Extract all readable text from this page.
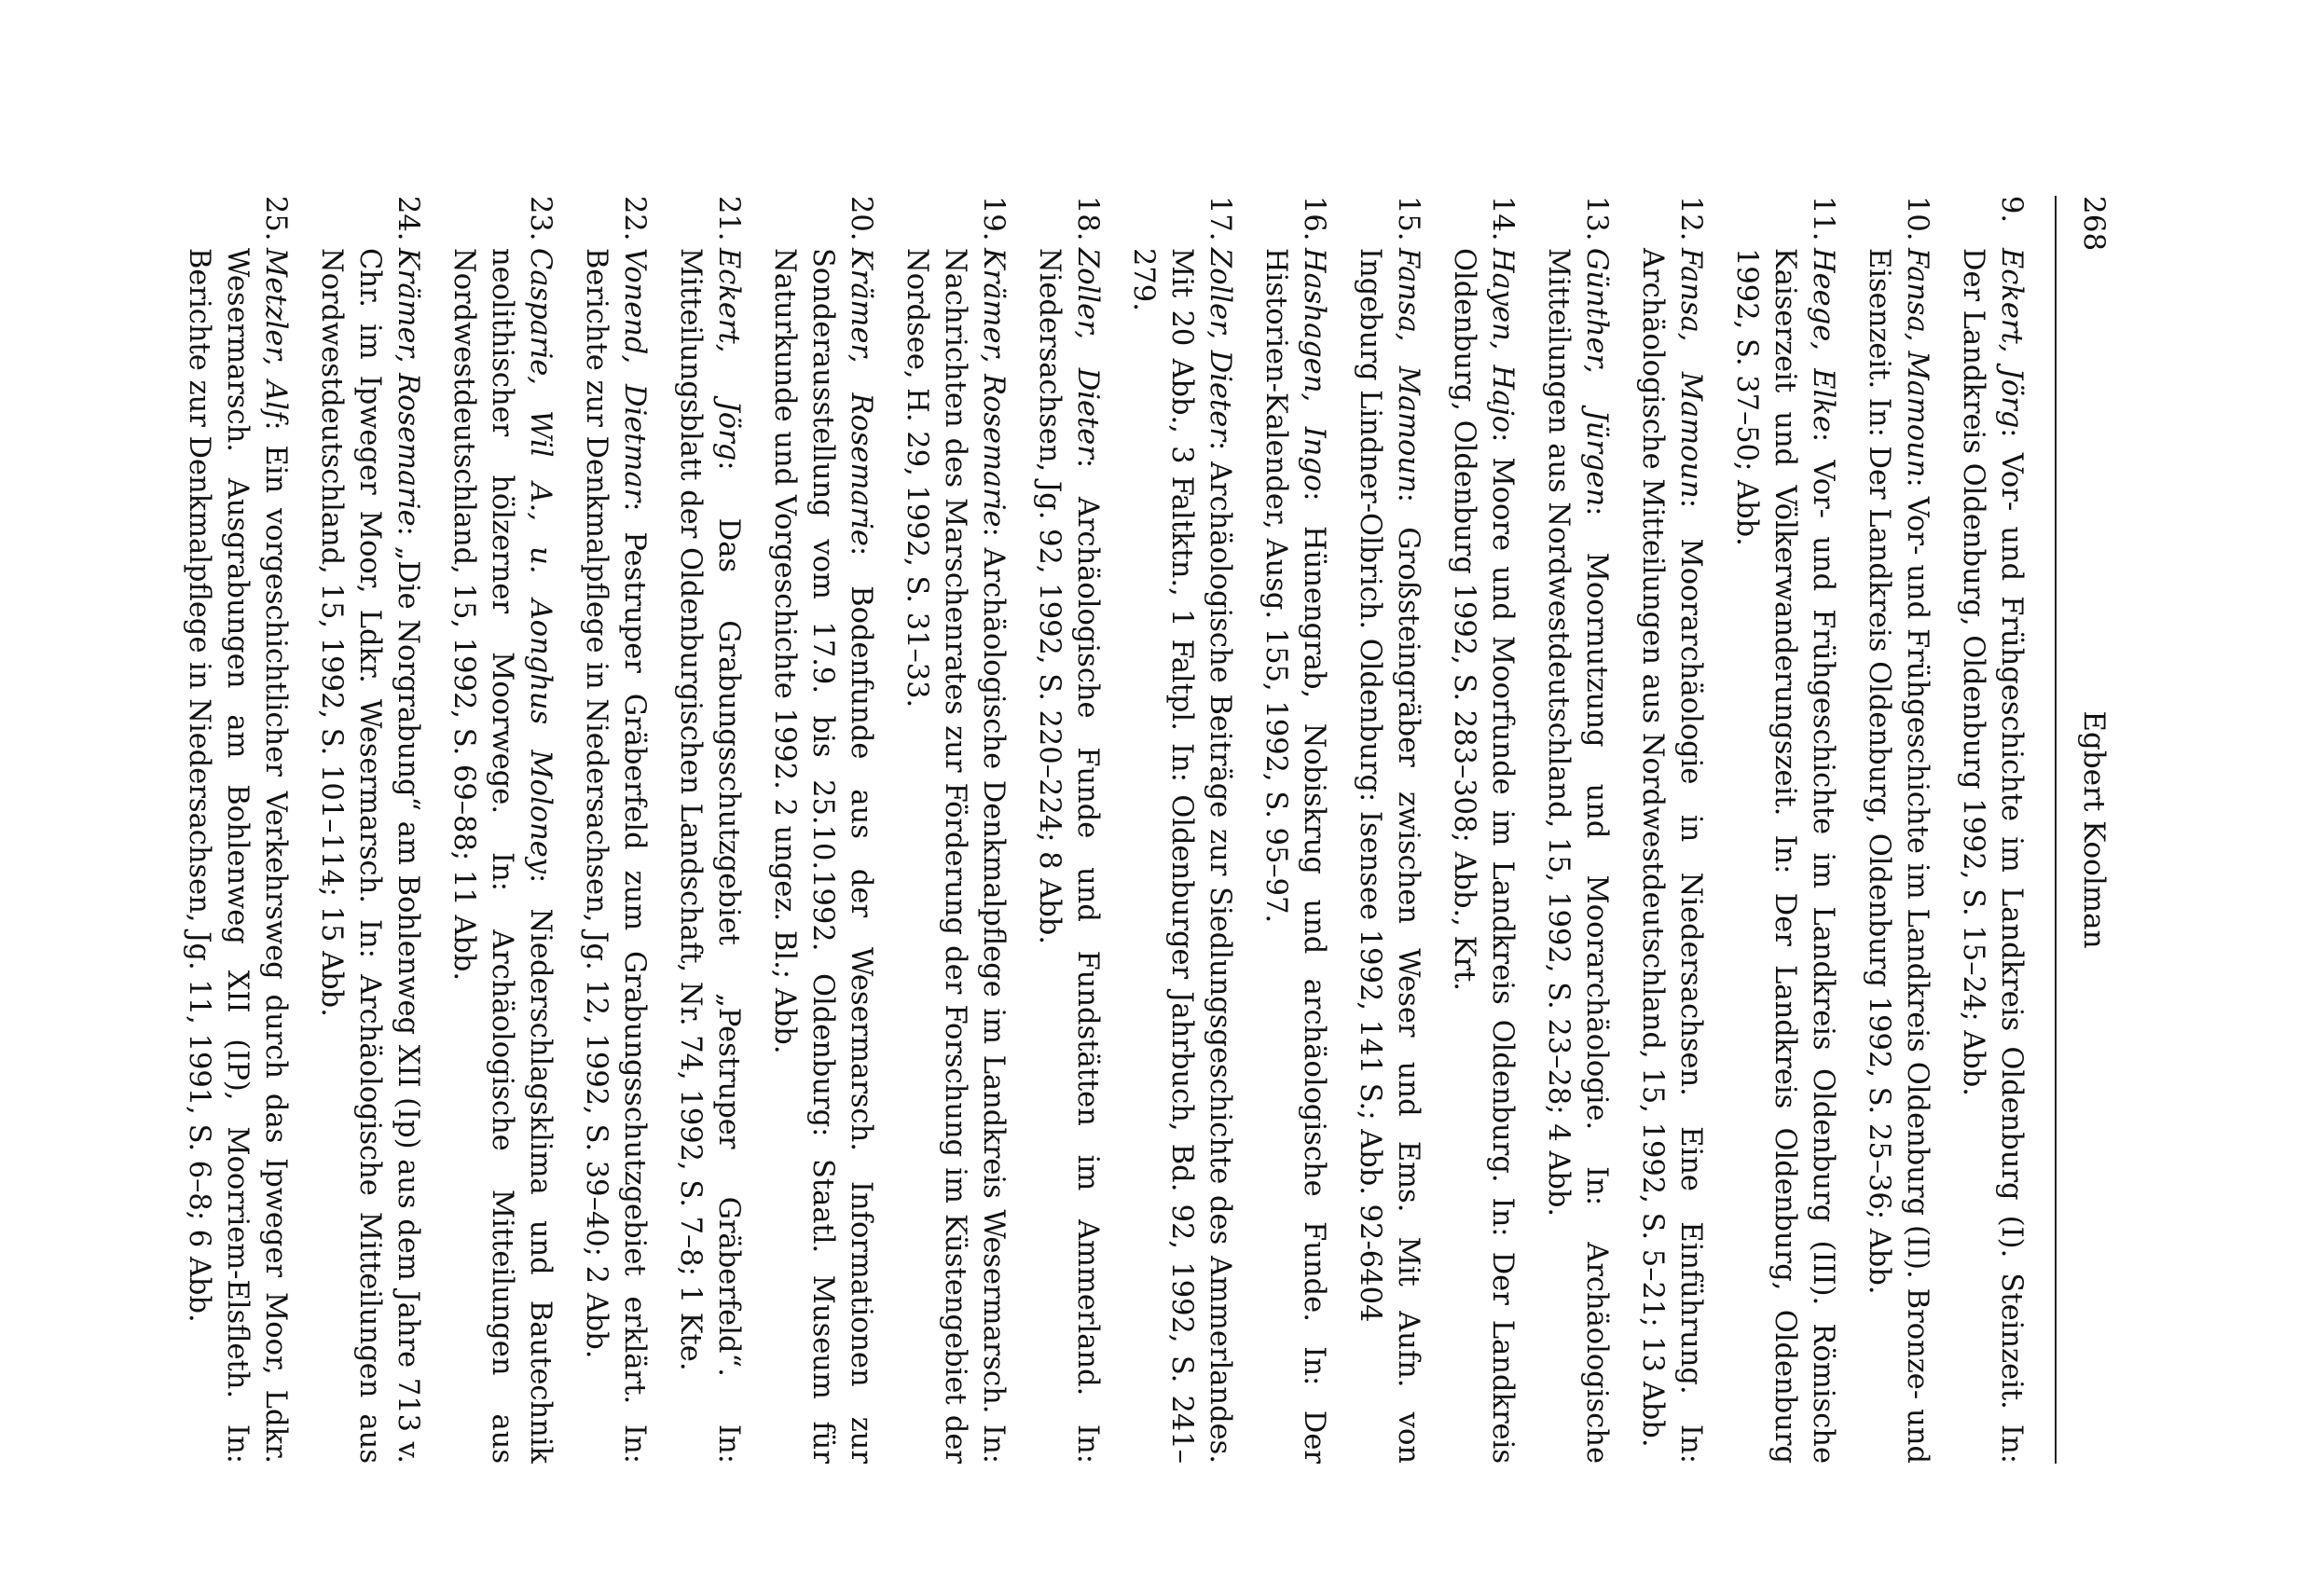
268
Egbert Koolman
9.
Eckert, Jörg: Vor- und Frühgeschichte im Landkreis Oldenburg (I). Steinzeit. In: Der Landkreis Oldenburg, Oldenburg 1992, S. 15–24; Abb.
10.
Fansa, Mamoun: Vor- und Frühgeschichte im Landkreis Oldenburg (II). Bronze- und Eisenzeit. In: Der Landkreis Oldenburg, Oldenburg 1992, S. 25–36; Abb.
11.
Heege, Elke: Vor- und Frühgeschichte im Landkreis Oldenburg (III). Römische Kaiserzeit und Völkerwanderungszeit. In: Der Landkreis Oldenburg, Oldenburg 1992, S. 37–50; Abb.
12.
Fansa, Mamoun: Moorarchäologie in Niedersachsen. Eine Einführung. In: Archäologische Mitteilungen aus Nordwestdeutschland, 15, 1992, S. 5–21; 13 Abb.
13.
Günther, Jürgen: Moornutzung und Moorarchäologie. In: Archäologische Mitteilungen aus Nordwestdeutschland, 15, 1992, S. 23–28; 4 Abb.
14.
Hayen, Hajo: Moore und Moorfunde im Landkreis Oldenburg. In: Der Landkreis Oldenburg, Oldenburg 1992, S. 283–308; Abb., Krt.
15.
Fansa, Mamoun: Großsteingräber zwischen Weser und Ems. Mit Aufn. von Ingeburg Lindner-Olbrich. Oldenburg: Isensee 1992, 141 S.; Abb. 92-6404
16.
Hashagen, Ingo: Hünengrab, Nobiskrug und archäologische Funde. In: Der Historien-Kalender, Ausg. 155, 1992, S. 95–97.
17.
Zoller, Dieter: Archäologische Beiträge zur Siedlungsgeschichte des Ammerlandes. Mit 20 Abb., 3 Faltktn., 1 Faltpl. In: Oldenburger Jahrbuch, Bd. 92, 1992, S. 241–279.
18.
Zoller, Dieter: Archäologische Funde und Fundstätten im Ammerland. In: Niedersachsen, Jg. 92, 1992, S. 220–224; 8 Abb.
19.
Krämer, Rosemarie: Archäologische Denkmalpflege im Landkreis Wesermarsch. In: Nachrichten des Marschenrates zur Förderung der Forschung im Küstengebiet der Nordsee, H. 29, 1992, S. 31–33.
20.
Krämer, Rosemarie: Bodenfunde aus der Wesermarsch. Informationen zur Sonderausstellung vom 17.9. bis 25.10.1992. Oldenburg: Staatl. Museum für Naturkunde und Vorgeschichte 1992. 2 ungez. Bl.; Abb.
21.
Eckert, Jörg: Das Grabungsschutzgebiet „Pestruper Gräberfeld“. In: Mitteilungsblatt der Oldenburgischen Landschaft, Nr. 74, 1992, S. 7–8; 1 Kte.
22.
Vonend, Dietmar: Pestruper Gräberfeld zum Grabungsschutzgebiet erklärt. In: Berichte zur Denkmalpflege in Niedersachsen, Jg. 12, 1992, S. 39–40; 2 Abb.
23.
Casparie, Wil A., u. Aonghus Moloney: Niederschlagsklima und Bautechnik neolithischer hölzerner Moorwege. In: Archäologische Mitteilungen aus Nordwestdeutschland, 15, 1992, S. 69–88; 11 Abb.
24.
Krämer, Rosemarie: „Die Norgrabung“ am Bohlenweg XII (Ip) aus dem Jahre 713 v. Chr. im Ipweger Moor, Ldkr. Wesermarsch. In: Archäologische Mitteilungen aus Nordwestdeutschland, 15, 1992, S. 101–114; 15 Abb.
25.
Metzler, Alf: Ein vorgeschichtlicher Verkehrsweg durch das Ipweger Moor, Ldkr. Wesermarsch. Ausgrabungen am Bohlenweg XII (IP), Moorriem-Elsfleth. In: Berichte zur Denkmalpflege in Niedersachsen, Jg. 11, 1991, S. 6–8; 6 Abb.
